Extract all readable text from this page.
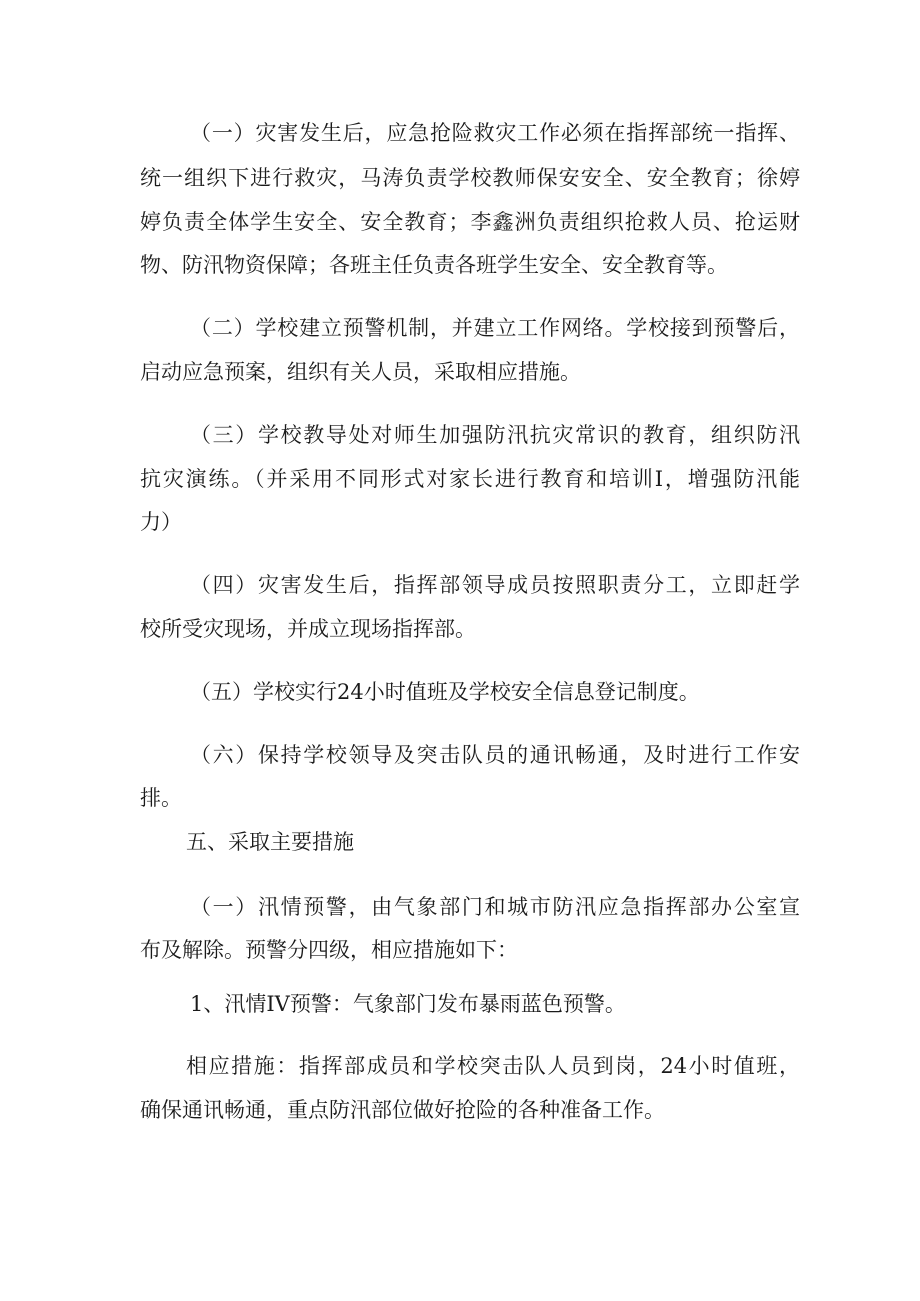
（一）灾害发生后，应急抢险救灾工作必须在指挥部统一指挥、

统一组织下进行救灾，马涛负责学校教师保安安全、安全教育；徐婷

婷负责全体学生安全、安全教育；李鑫洲负责组织抢救人员、抢运财

物、防汛物资保障；各班主任负责各班学生安全、安全教育等。

（二）学校建立预警机制，并建立工作网络。学校接到预警后，

启动应急预案，组织有关人员，采取相应措施。

（三）学校教导处对师生加强防汛抗灾常识的教育，组织防汛

抗灾演练。（并采用不同形式对家长进行教育和培训I，增强防汛能

力）

（四）灾害发生后，指挥部领导成员按照职责分工，立即赶学

校所受灾现场，并成立现场指挥部。

（五）学校实行24小时值班及学校安全信息登记制度。

（六）保持学校领导及突击队员的通讯畅通，及时进行工作安

排。

五、采取主要措施

（一）汛情预警，由气象部门和城市防汛应急指挥部办公室宣

布及解除。预警分四级，相应措施如下：

1、汛情IV预警：气象部门发布暴雨蓝色预警。

相应措施：指挥部成员和学校突击队人员到岗，24小时值班，

确保通讯畅通，重点防汛部位做好抢险的各种准备工作。
